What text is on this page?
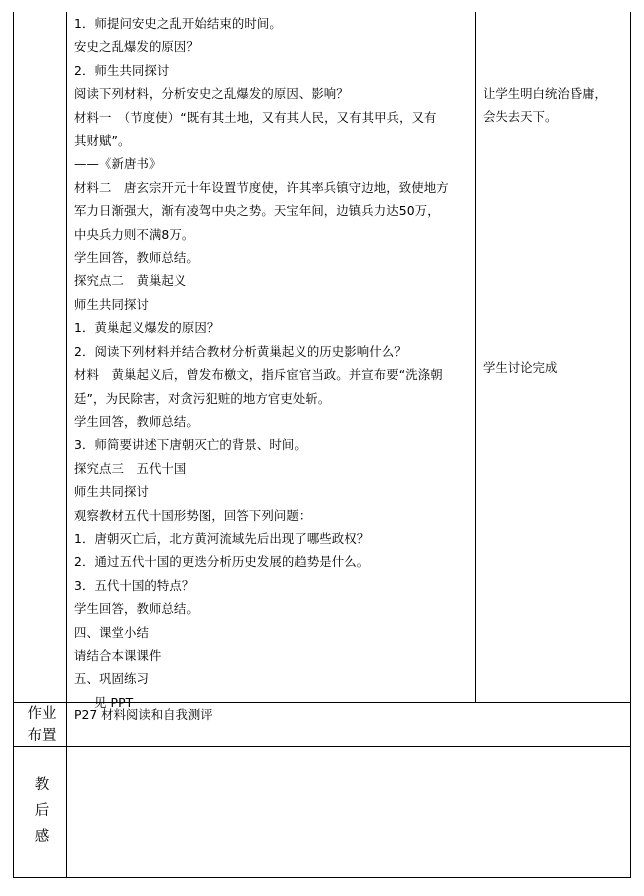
1．师提问安史之乱开始结束的时间。
安史之乱爆发的原因？
2．师生共同探讨
阅读下列材料，分析安史之乱爆发的原因、影响？
材料一　（节度使）“既有其土地，又有其人民，又有其甲兵，又有
其财赋”。
——《新唐书》
材料二　唐玄宗开元十年设置节度使，许其率兵镇守边地，致使地方
军力日渐强大，渐有凌驾中央之势。天宝年间，边镇兵力达50万，
中央兵力则不满8万。
学生回答，教师总结。
探究点二　黄巢起义
师生共同探讨
1．黄巢起义爆发的原因？
2．阅读下列材料并结合教材分析黄巢起义的历史影响什么？
材料　黄巢起义后，曾发布檄文，指斥宦官当政。并宣布要“洗涤朝
廷”，为民除害，对贪污犯赃的地方官吏处斩。
学生回答，教师总结。
3．师简要讲述下唐朝灭亡的背景、时间。
探究点三　五代十国
师生共同探讨
观察教材五代十国形势图，回答下列问题：
1．唐朝灭亡后，北方黄河流域先后出现了哪些政权？
2．通过五代十国的更迭分析历史发展的趋势是什么。
3．五代十国的特点？
学生回答，教师总结。
四、课堂小结
请结合本课课件
五、巩固练习
见 PPT
让学生明白统治昏庸，
会失去天下。
学生讨论完成
作业
布置
P27 材料阅读和自我测评
教
后
感
